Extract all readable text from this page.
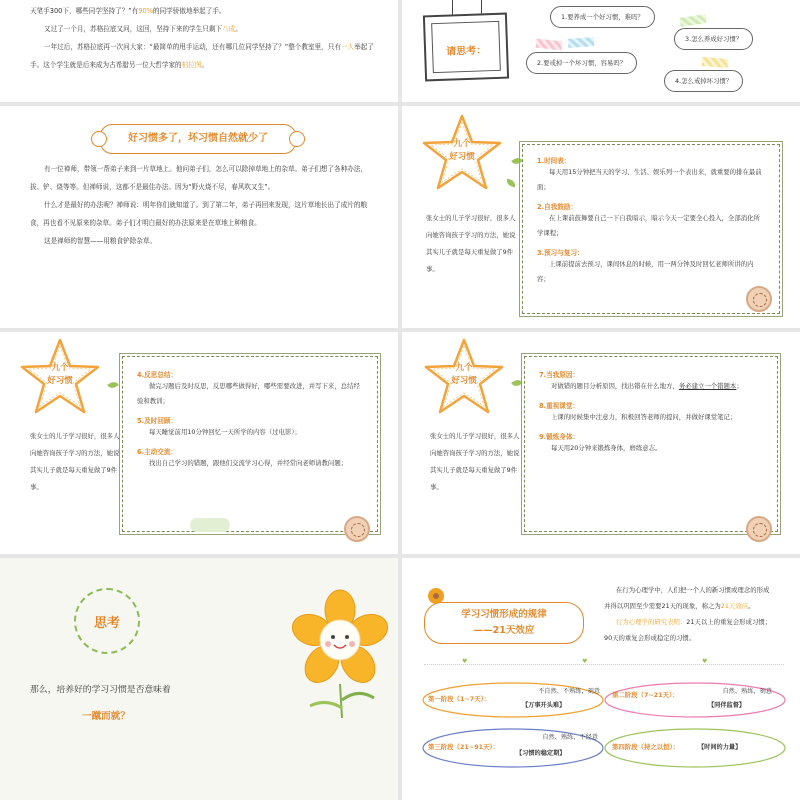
天笔手300下，哪些同学坚持了？”有90%的同学骄傲地举起了手。

又过了一个月，苏格拉底又问，这回，坚持下来的学生只剩下八成。

一年过后，苏格拉底再一次问大家：“最简单的甩手运动，还有哪几位同学坚持了？”整个教室里，只有一人举起了手。这个学生就是后来成为古希腊另一位大哲学家的柏拉图。

请思考：
1.要养成一个好习惯，难吗？
2.要戒掉一个坏习惯，容易吗？
3.怎么养成好习惯？
4.怎么戒掉坏习惯？
好习惯多了，坏习惯自然就少了

有一位禅师，带领一帮弟子来到一片草地上。他问弟子们，怎么可以除掉草地上的杂草。弟子们想了各种办法，拔、铲、烧等等。但禅师说，这都不是最佳办法。因为“野火烧不尽，春风吹又生”。

什么才是最好的办法呢？禅师说：明年你们就知道了。到了第二年，弟子再回来发现，这片草地长出了成片的粮食，再也看不见原来的杂草。弟子们才明白最好的办法原来是在草地上种粮食。

这是禅师的智慧——用粮食铲除杂草。

九个
好习惯
张女士的儿子学习很好，很多人向她咨询孩子学习的方法，她说其实儿子就是每天重复做了9件事。
1.时间表：
每天用15分钟把当天的学习、生活、娱乐列一个表出来，就重要的排在最前面；
2.自我鼓励：
在上课前鼓舞要自己一下自我暗示，暗示今天一定要全心投入，全部消化所学课程；
3.预习与复习：
上课前提前去预习，课间休息的时候，用一两分钟及时回忆老师所讲的内容；
九个
好习惯
张女士的儿子学习很好，很多人向她咨询孩子学习的方法，她说其实儿子就是每天重复做了9件事。
4.反思总结：
做完习题后及时反思，反思哪些做得好，哪些需要改进，并写下来，总结经验和教训；
5.及时回顾：
每天睡觉前用10分钟回忆一天所学的内容（过电影）；
6.主动交流：
找出自己学习的错题，跟他们交流学习心得，并经常向老师请教问题；
九个
好习惯
张女士的儿子学习很好，很多人向她咨询孩子学习的方法，她说其实儿子就是每天重复做了9件事。
7.当我原因：
对做错的题目分析原因，找出错在什么地方，务必建立一个错题本；
8.重视课堂：
上课的时候集中注意力，积极回答老师的提问，并做好课堂笔记；
9.锻炼身体：
每天用20分钟来锻炼身体，磨练意志。
思考
那么，培养好的学习习惯是否意味着
一蹴而就？
学习习惯形成的规律
——21天效应

在行为心理学中，人们把一个人的新习惯或理念的形成并得以巩固至少需要21天的现象，称之为21天效应。

行为心理学的研究表明：21天以上的重复会形成习惯；90天的重复会形成稳定的习惯。

♥	♥	♥
第一阶段（1~7天）：
不自然、不熟练，刻意
【万事开头难】
第二阶段（7~21天）：	自然、熟练，刻意
【同伴监督】
第三阶段（21~91天）：
自然、熟练，不经意
【习惯的稳定期】
第四阶段（持之以恒）：	【时间的力量】
